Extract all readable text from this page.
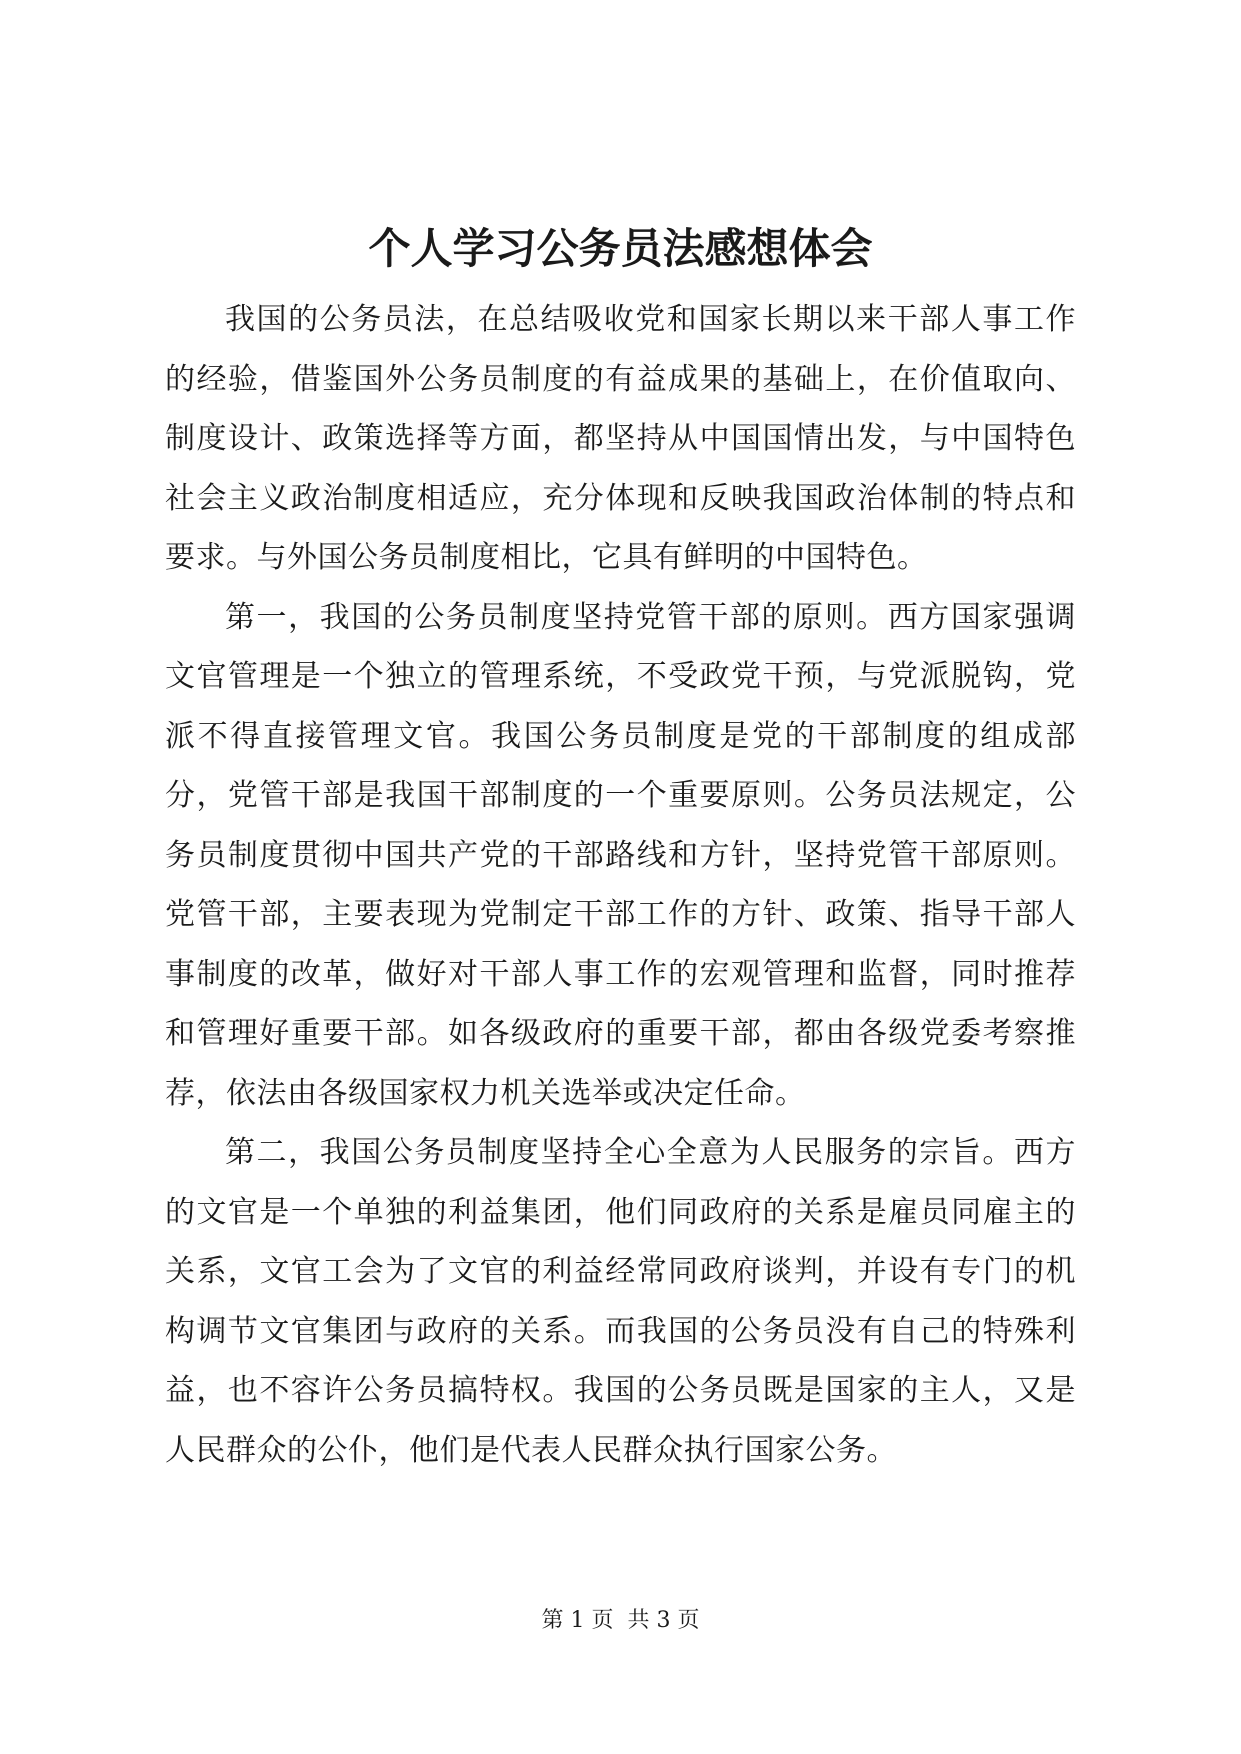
个人学习公务员法感想体会

我国的公务员法，在总结吸收党和国家长期以来干部人事工作的经验，借鉴国外公务员制度的有益成果的基础上，在价值取向、制度设计、政策选择等方面，都坚持从中国国情出发，与中国特色社会主义政治制度相适应，充分体现和反映我国政治体制的特点和要求。与外国公务员制度相比，它具有鲜明的中国特色。

第一，我国的公务员制度坚持党管干部的原则。西方国家强调文官管理是一个独立的管理系统，不受政党干预，与党派脱钩，党派不得直接管理文官。我国公务员制度是党的干部制度的组成部分，党管干部是我国干部制度的一个重要原则。公务员法规定，公务员制度贯彻中国共产党的干部路线和方针，坚持党管干部原则。党管干部，主要表现为党制定干部工作的方针、政策、指导干部人事制度的改革，做好对干部人事工作的宏观管理和监督，同时推荐和管理好重要干部。如各级政府的重要干部，都由各级党委考察推荐，依法由各级国家权力机关选举或决定任命。

第二，我国公务员制度坚持全心全意为人民服务的宗旨。西方的文官是一个单独的利益集团，他们同政府的关系是雇员同雇主的关系，文官工会为了文官的利益经常同政府谈判，并设有专门的机构调节文官集团与政府的关系。而我国的公务员没有自己的特殊利益，也不容许公务员搞特权。我国的公务员既是国家的主人，又是人民群众的公仆，他们是代表人民群众执行国家公务。

第 1 页  共 3 页
